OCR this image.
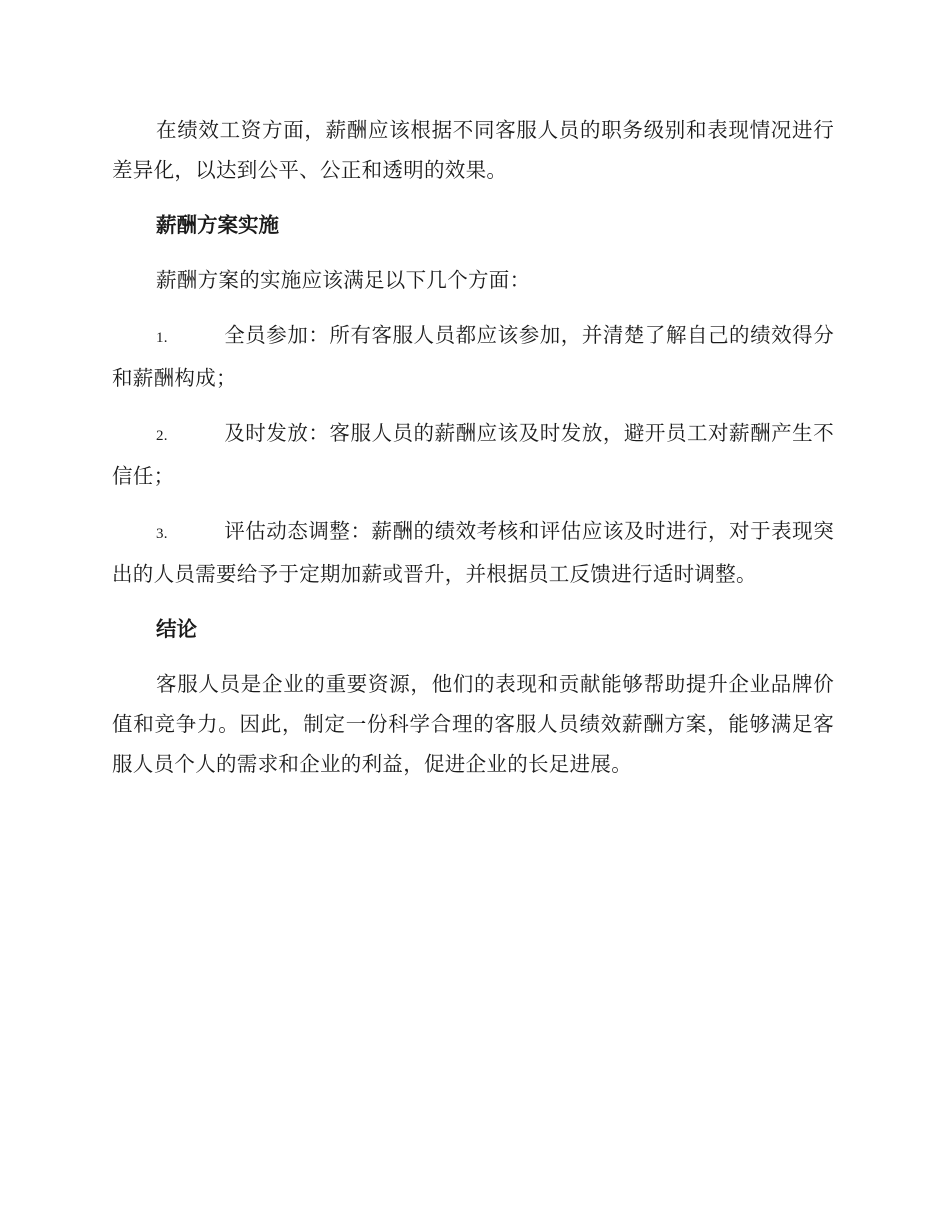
在绩效工资方面，薪酬应该根据不同客服人员的职务级别和表现情况进行差异化，以达到公平、公正和透明的效果。

薪酬方案实施

薪酬方案的实施应该满足以下几个方面：

1.	全员参加：所有客服人员都应该参加，并清楚了解自己的绩效得分和薪酬构成；

2.	及时发放：客服人员的薪酬应该及时发放，避开员工对薪酬产生不信任；

3.	评估动态调整：薪酬的绩效考核和评估应该及时进行，对于表现突出的人员需要给予于定期加薪或晋升，并根据员工反馈进行适时调整。

结论

客服人员是企业的重要资源，他们的表现和贡献能够帮助提升企业品牌价值和竞争力。因此，制定一份科学合理的客服人员绩效薪酬方案，能够满足客服人员个人的需求和企业的利益，促进企业的长足进展。
